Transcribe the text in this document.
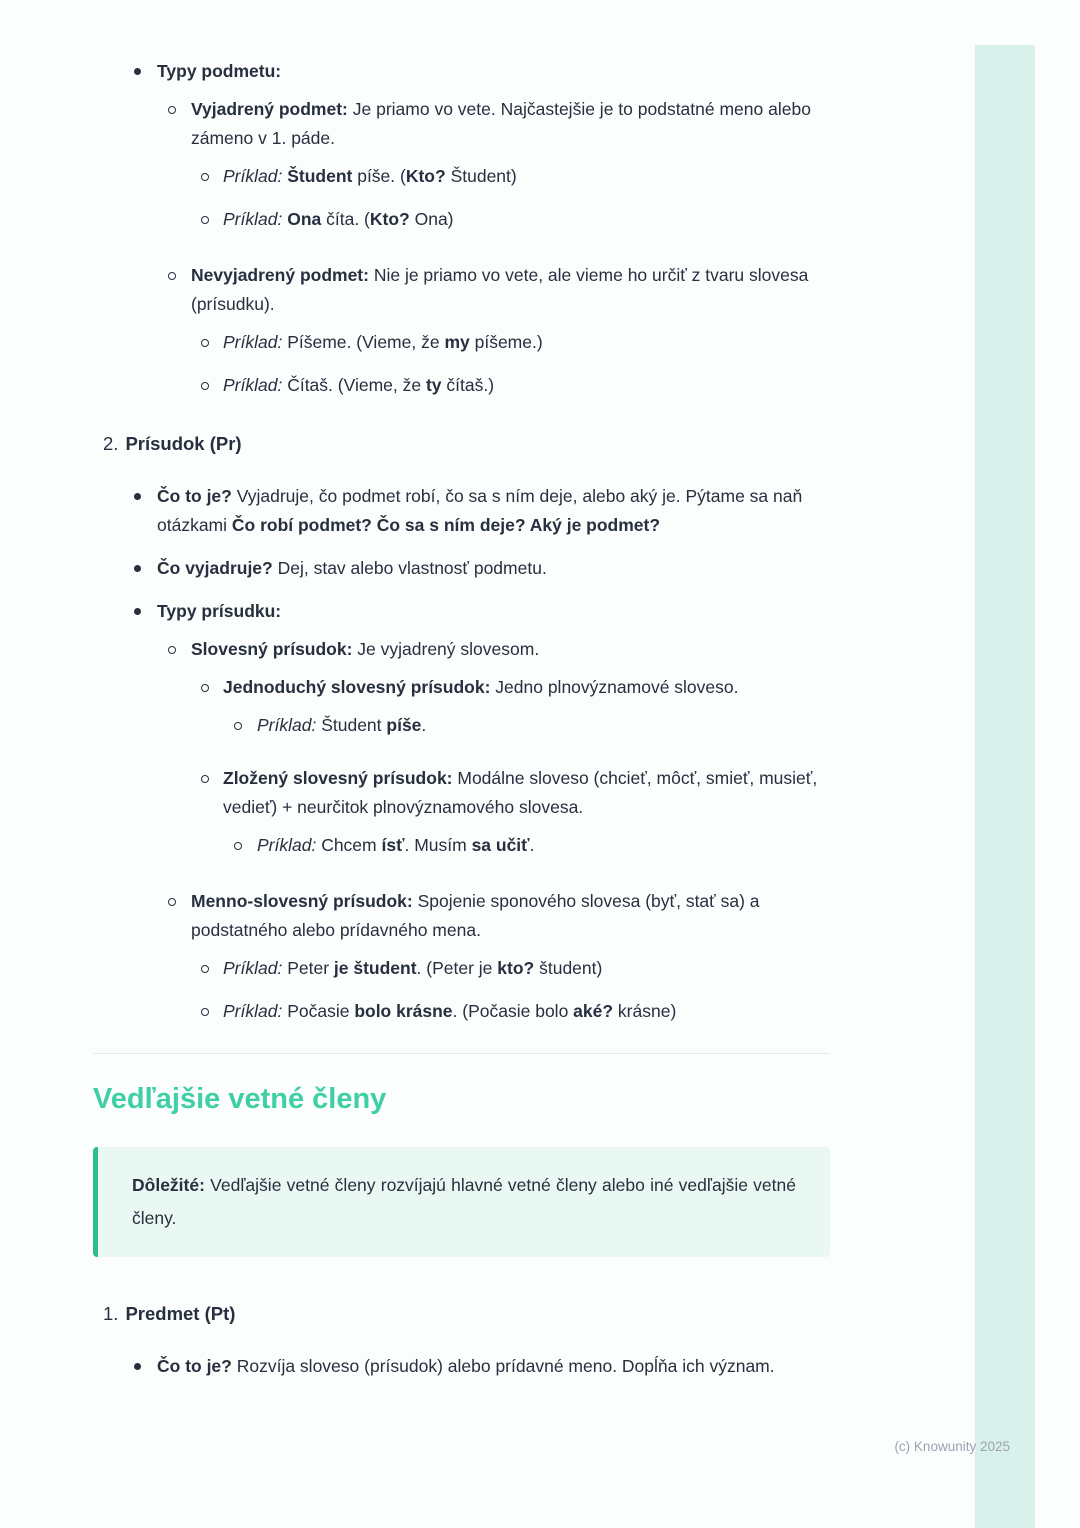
Typy podmetu:
Vyjadrený podmet: Je priamo vo vete. Najčastejšie je to podstatné meno alebo zámeno v 1. páde.
Príklad: Študent píše. (Kto? Študent)
Príklad: Ona číta. (Kto? Ona)
Nevyjadrený podmet: Nie je priamo vo vete, ale vieme ho určiť z tvaru slovesa (prísudku).
Príklad: Píšeme. (Vieme, že my píšeme.)
Príklad: Čítaš. (Vieme, že ty čítaš.)
2. Prísudok (Pr)
Čo to je? Vyjadruje, čo podmet robí, čo sa s ním deje, alebo aký je. Pýtame sa naň otázkami Čo robí podmet? Čo sa s ním deje? Aký je podmet?
Čo vyjadruje? Dej, stav alebo vlastnosť podmetu.
Typy prísudku:
Slovesný prísudok: Je vyjadrený slovesom.
Jednoduchý slovesný prísudok: Jedno plnovýznamové sloveso.
Príklad: Študent píše.
Zložený slovesný prísudok: Modálne sloveso (chcieť, môcť, smieť, musieť, vedieť) + neurčitok plnovýznamového slovesa.
Príklad: Chcem ísť. Musím sa učiť.
Menno-slovesný prísudok: Spojenie sponového slovesa (byť, stať sa) a podstatného alebo prídavného mena.
Príklad: Peter je študent. (Peter je kto? študent)
Príklad: Počasie bolo krásne. (Počasie bolo aké? krásne)
Vedľajšie vetné členy

Dôležité: Vedľajšie vetné členy rozvíjajú hlavné vetné členy alebo iné vedľajšie vetné členy.

1. Predmet (Pt)
Čo to je? Rozvíja sloveso (prísudok) alebo prídavné meno. Dopĺňa ich význam.
(c) Knowunity 2025
